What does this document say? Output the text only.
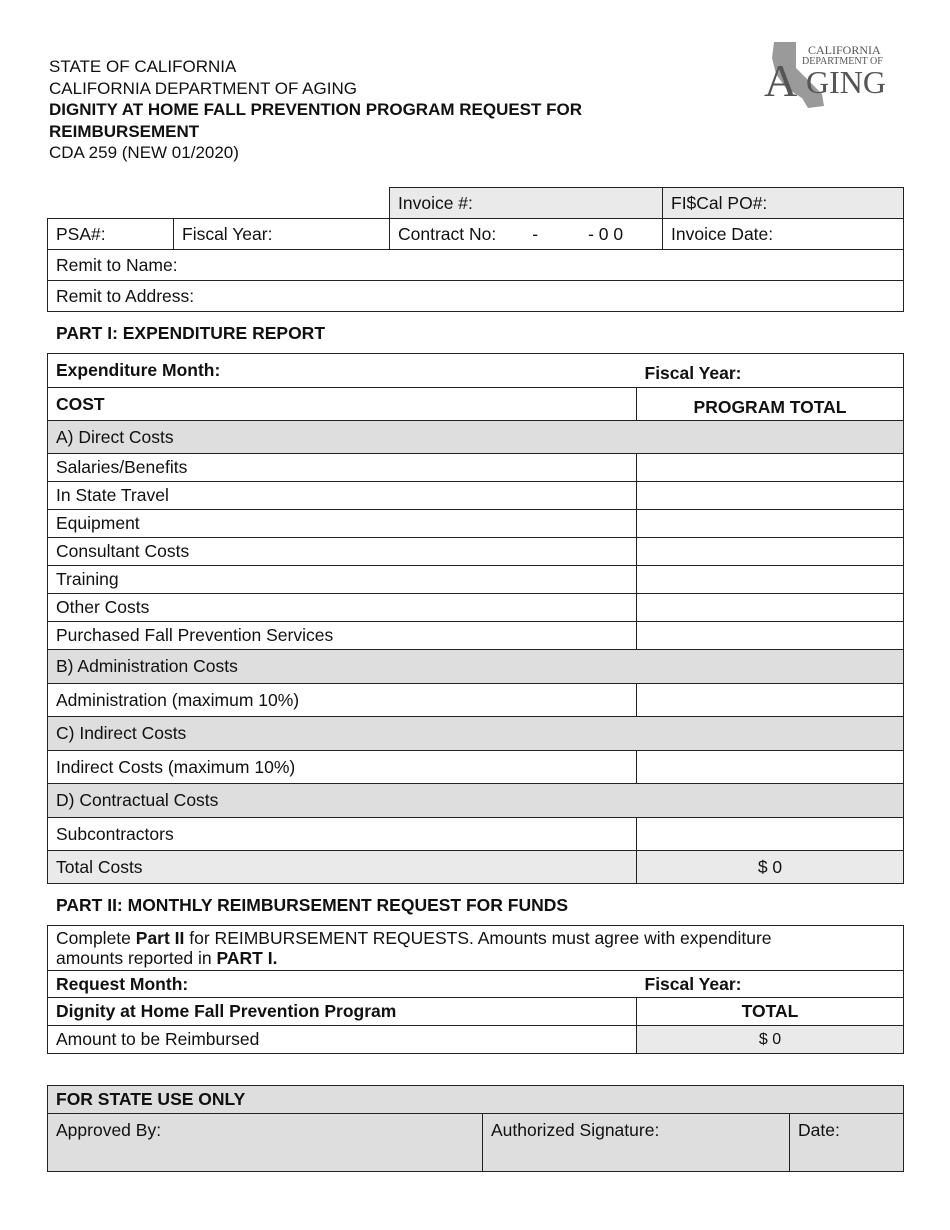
STATE OF CALIFORNIA
CALIFORNIA DEPARTMENT OF AGING
DIGNITY AT HOME FALL PREVENTION PROGRAM REQUEST FOR
REIMBURSEMENT
CDA 259 (NEW 01/2020)
CALIFORNIA
DEPARTMENT OF
A GING
		Invoice #:	FI$Cal PO#:
PSA#:	Fiscal Year:	Contract No: - - 0 0	Invoice Date:
Remit to Name:			
Remit to Address:			
PART I: EXPENDITURE REPORT
Expenditure Month:	Fiscal Year:
COST	PROGRAM TOTAL
A) Direct Costs	
Salaries/Benefits	
In State Travel	
Equipment	
Consultant Costs	
Training	
Other Costs	
Purchased Fall Prevention Services	
B) Administration Costs	
Administration (maximum 10%)	
C) Indirect Costs	
Indirect Costs (maximum 10%)	
D) Contractual Costs	
Subcontractors	
Total Costs	$ 0
PART II: MONTHLY REIMBURSEMENT REQUEST FOR FUNDS
Complete Part II for REIMBURSEMENT REQUESTS. Amounts must agree with expenditure
amounts reported in PART I.	
Request Month:	Fiscal Year:
Dignity at Home Fall Prevention Program	TOTAL
Amount to be Reimbursed	$ 0
FOR STATE USE ONLY
Approved By:	Authorized Signature:	Date:
